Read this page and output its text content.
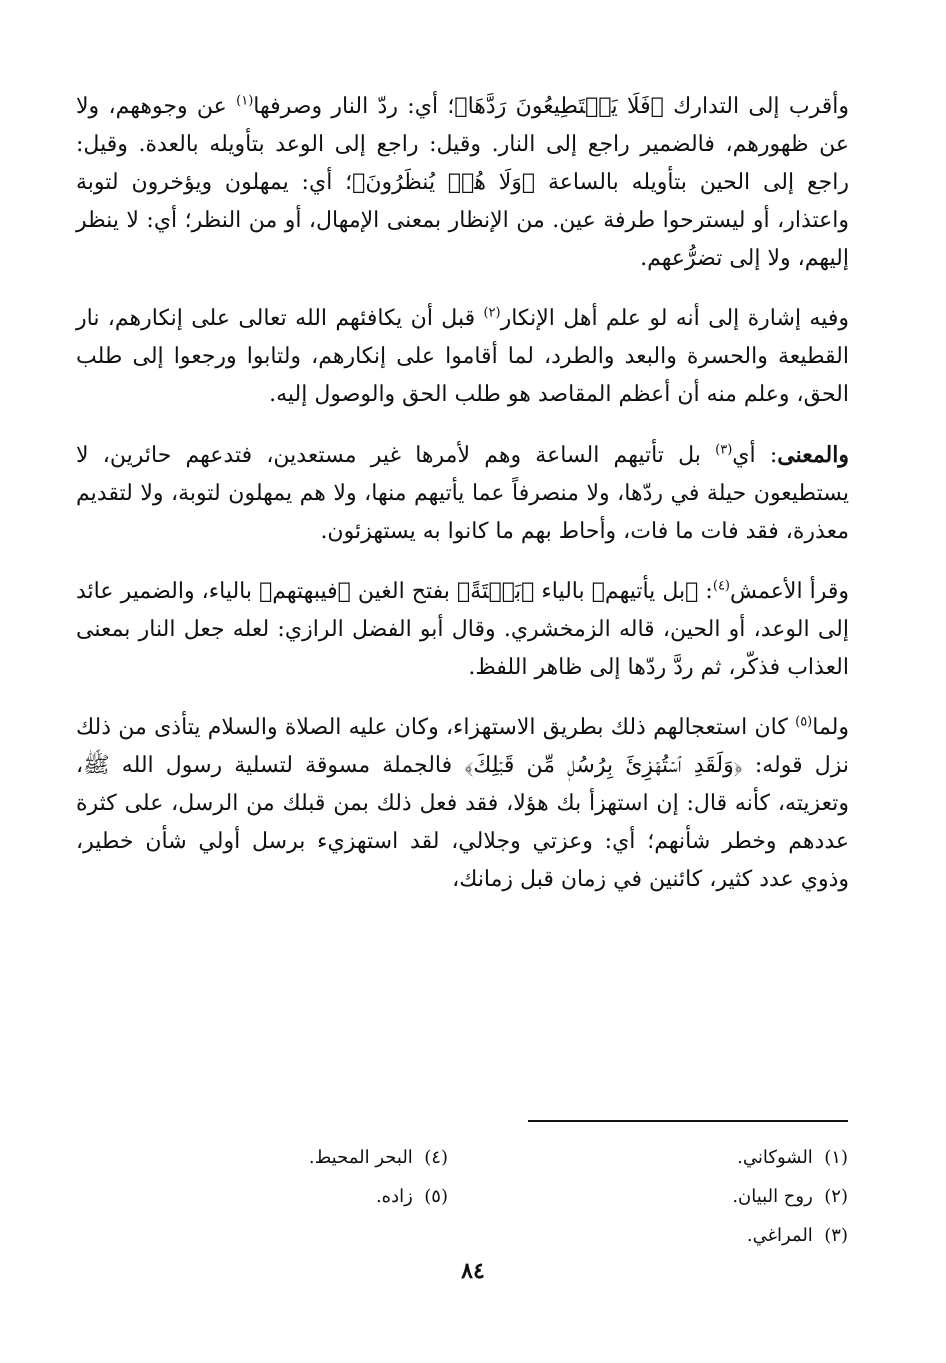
وأقرب إلى التدارك ﴿فَلَا يَسۡتَطِيعُونَ رَدَّهَا﴾؛ أي: ردّ النار وصرفها$^{(١)}$ عن وجوههم، ولا عن ظهورهم، فالضمير راجع إلى النار. وقيل: راجع إلى الوعد بتأويله بالعدة. وقيل: راجع إلى الحين بتأويله بالساعة ﴿وَلَا هُمۡ يُنظَرُونَ﴾؛ أي: يمهلون ويؤخرون لتوبة واعتذار، أو ليسترحوا طرفة عين. من الإنظار بمعنى الإمهال، أو من النظر؛ أي: لا ينظر إليهم، ولا إلى تضرُّعهم.

وفيه إشارة إلى أنه لو علم أهل الإنكار$^{(٢)}$ قبل أن يكافئهم الله تعالى على إنكارهم، نار القطيعة والحسرة والبعد والطرد، لما أقاموا على إنكارهم، ولتابوا ورجعوا إلى طلب الحق، وعلم منه أن أعظم المقاصد هو طلب الحق والوصول إليه.

والمعنى: أي$^{(٣)}$ بل تأتيهم الساعة وهم لأمرها غير مستعدين، فتدعهم حائرين، لا يستطيعون حيلة في ردّها، ولا منصرفاً عما يأتيهم منها، ولا هم يمهلون لتوبة، ولا لتقديم معذرة، فقد فات ما فات، وأحاط بهم ما كانوا به يستهزئون.

وقرأ الأعمش$^{(٤)}$: ﴿بل يأتيهم﴾ بالياء ﴿بَغۡتَةً﴾ بفتح الغين ﴿فيبهتهم﴾ بالياء، والضمير عائد إلى الوعد، أو الحين، قاله الزمخشري. وقال أبو الفضل الرازي: لعله جعل النار بمعنى العذاب فذكّر، ثم ردَّ ردّها إلى ظاهر اللفظ.

ولما$^{(٥)}$ كان استعجالهم ذلك بطريق الاستهزاء، وكان عليه الصلاة والسلام يتأذى من ذلك نزل قوله: ﴿وَلَقَدِ ٱسۡتُهۡزِئَ بِرُسُلٖ مِّن قَبۡلِكَ﴾ فالجملة مسوقة لتسلية رسول الله ﷺ، وتعزيته، كأنه قال: إن استهزأ بك هؤلا، فقد فعل ذلك بمن قبلك من الرسل، على كثرة عددهم وخطر شأنهم؛ أي: وعزتي وجلالي، لقد استهزيء برسل أولي شأن خطير، وذوي عدد كثير، كائنين في زمان قبل زمانك،

(١)  الشوكاني.
(٢)  روح البيان.
(٣)  المراغي.
(٤)  البحر المحيط.
(٥)  زاده.
٨٤
